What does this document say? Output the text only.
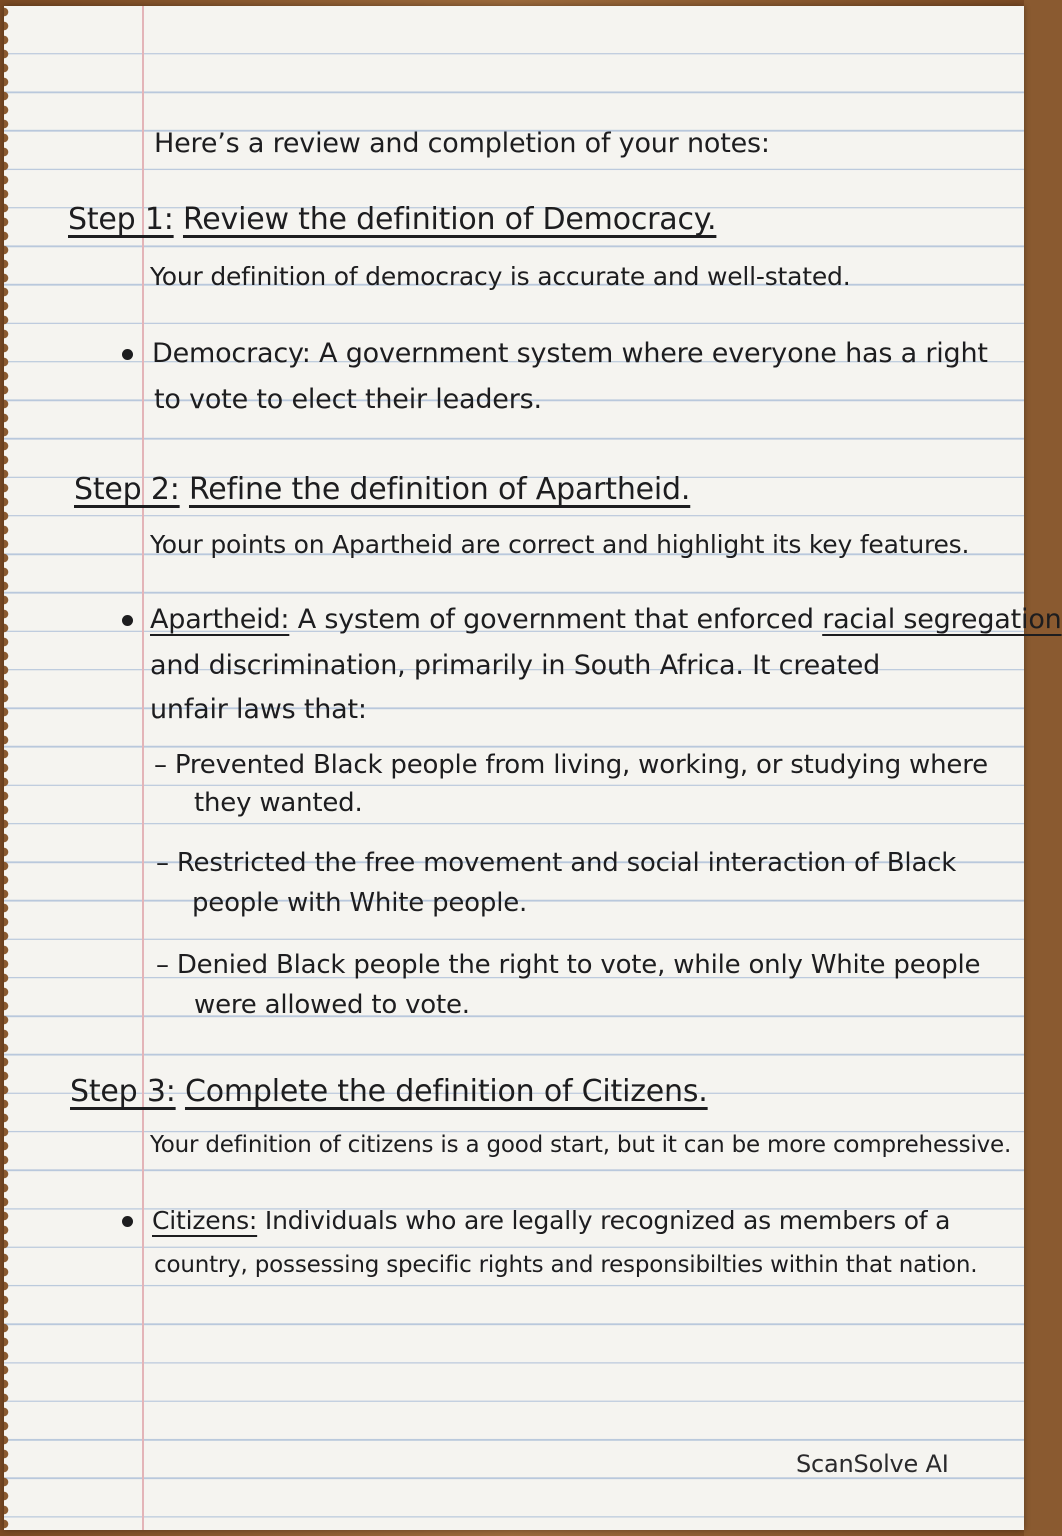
Here’s a review and completion of your notes:
Step 1: Review the definition of Democracy.
Your definition of democracy is accurate and well-stated.
Democracy: A government system where everyone has a right
to vote to elect their leaders.
Step 2: Refine the definition of Apartheid.
Your points on Apartheid are correct and highlight its key features.
Apartheid: A system of government that enforced racial segregation
and discrimination, primarily in South Africa. It created
unfair laws that:
– Prevented Black people from living, working, or studying where
they wanted.
– Restricted the free movement and social interaction of Black
people with White people.
– Denied Black people the right to vote, while only White people
were allowed to vote.
Step 3: Complete the definition of Citizens.
Your definition of citizens is a good start, but it can be more comprehessive.
Citizens: Individuals who are legally recognized as members of a
country, possessing specific rights and responsibilties within that nation.
ScanSolve AI
